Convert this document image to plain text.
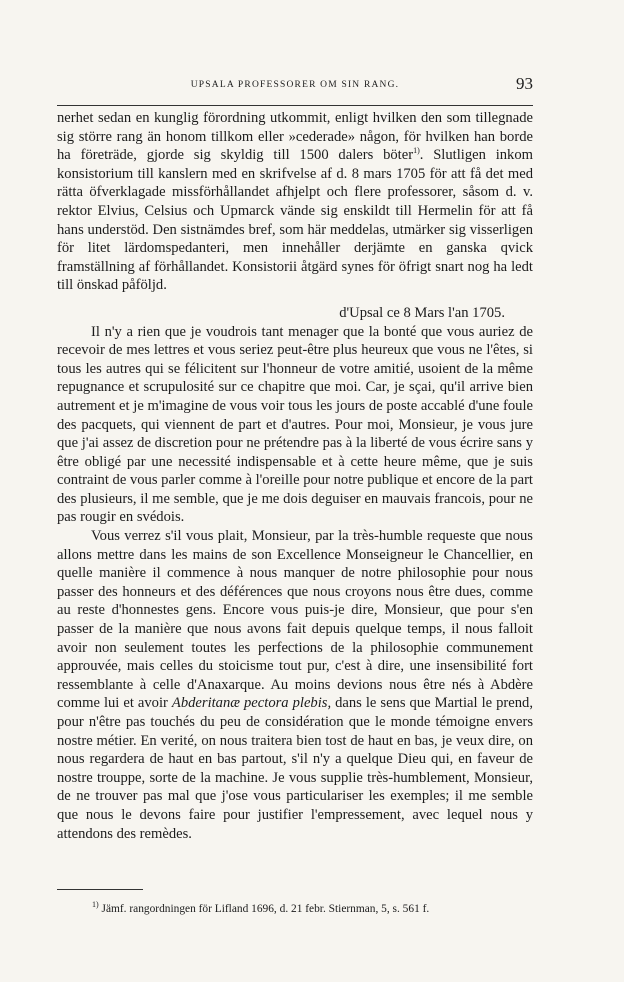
UPSALA PROFESSORER OM SIN RANG.	93

nerhet sedan en kunglig förordning utkommit, enligt hvilken den som tillegnade sig större rang än honom tillkom eller »cederade» någon, för hvilken han borde ha företräde, gjorde sig skyldig till 1500 dalers böter$^{1)}$. Slutligen inkom konsistorium till kanslern med en skrifvelse af d. 8 mars 1705 för att få det med rätta öfverklagade missförhållandet afhjelpt och flere professorer, såsom d. v. rektor Elvius, Celsius och Upmarck vände sig enskildt till Hermelin för att få hans understöd. Den sistnämdes bref, som här meddelas, utmärker sig visserligen för litet lärdomspedanteri, men innehåller derjämte en ganska qvick framställning af förhållandet. Konsistorii åtgärd synes för öfrigt snart nog ha ledt till önskad påföljd.

d'Upsal ce 8 Mars l'an 1705.

Il n'y a rien que je voudrois tant menager que la bonté que vous auriez de recevoir de mes lettres et vous seriez peut-être plus heureux que vous ne l'êtes, si tous les autres qui se félicitent sur l'honneur de votre amitié, usoient de la même repugnance et scrupulosité sur ce chapitre que moi. Car, je sçai, qu'il arrive bien autrement et je m'imagine de vous voir tous les jours de poste accablé d'une foule des pacquets, qui viennent de part et d'autres. Pour moi, Monsieur, je vous jure que j'ai assez de discretion pour ne prétendre pas à la liberté de vous écrire sans y être obligé par une necessité indispensable et à cette heure même, que je suis contraint de vous parler comme à l'oreille pour notre publique et encore de la part des plusieurs, il me semble, que je me dois deguiser en mauvais francois, pour ne pas rougir en svédois.

Vous verrez s'il vous plait, Monsieur, par la très-humble requeste que nous allons mettre dans les mains de son Excellence Monseigneur le Chancellier, en quelle manière il commence à nous manquer de notre philosophie pour nous passer des honneurs et des déférences que nous croyons nous être dues, comme au reste d'honnestes gens. Encore vous puis-je dire, Monsieur, que pour s'en passer de la manière que nous avons fait depuis quelque temps, il nous falloit avoir non seulement toutes les perfections de la philosophie communement approuvée, mais celles du stoicisme tout pur, c'est à dire, une insensibilité fort ressemblante à celle d'Anaxarque. Au moins devions nous être nés à Abdère comme lui et avoir Abderitanæ pectora plebis, dans le sens que Martial le prend, pour n'être pas touchés du peu de considération que le monde témoigne envers nostre métier. En verité, on nous traitera bien tost de haut en bas, je veux dire, on nous regardera de haut en bas partout, s'il n'y a quelque Dieu qui, en faveur de nostre trouppe, sorte de la machine. Je vous supplie très-humblement, Monsieur, de ne trouver pas mal que j'ose vous particulariser les exemples; il me semble que nous le devons faire pour justifier l'empressement, avec lequel nous y attendons des remèdes.

$^{1)}$ Jämf. rangordningen för Lifland 1696, d. 21 febr. Stiernman, 5, s. 561 f.
